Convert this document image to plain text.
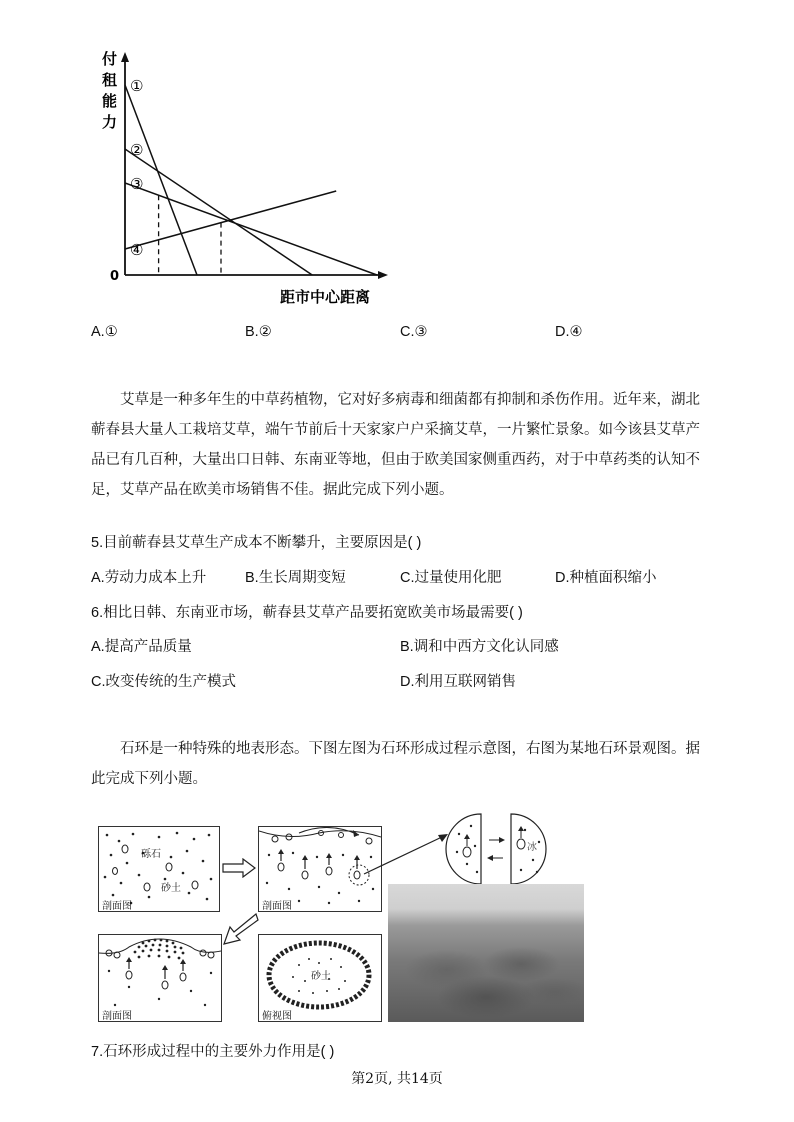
付
租
能
力
0
距市中心距离
①
②
③
④
A.①	B.②	C.③	D.④
艾草是一种多年生的中草药植物，它对好多病毒和细菌都有抑制和杀伤作用。近年来，湖北蕲春县大量人工栽培艾草，端午节前后十天家家户户采摘艾草，一片繁忙景象。如今该县艾草产品已有几百种，大量出口日韩、东南亚等地，但由于欧美国家侧重西药，对于中草药类的认知不足，艾草产品在欧美市场销售不佳。据此完成下列小题。
5.目前蕲春县艾草生产成本不断攀升，主要原因是( )
A.劳动力成本上升	B.生长周期变短	C.过量使用化肥	D.种植面积缩小
6.相比日韩、东南亚市场，蕲春县艾草产品要拓宽欧美市场最需要( )
A.提高产品质量	B.调和中西方文化认同感
C.改变传统的生产模式	D.利用互联网销售
石环是一种特殊的地表形态。下图左图为石环形成过程示意图，右图为某地石环景观图。据此完成下列小题。
砾石
砂土
剖面图	剖面图
冰
剖面图
砂土
俯视图
7.石环形成过程中的主要外力作用是( )
第2页, 共14页
